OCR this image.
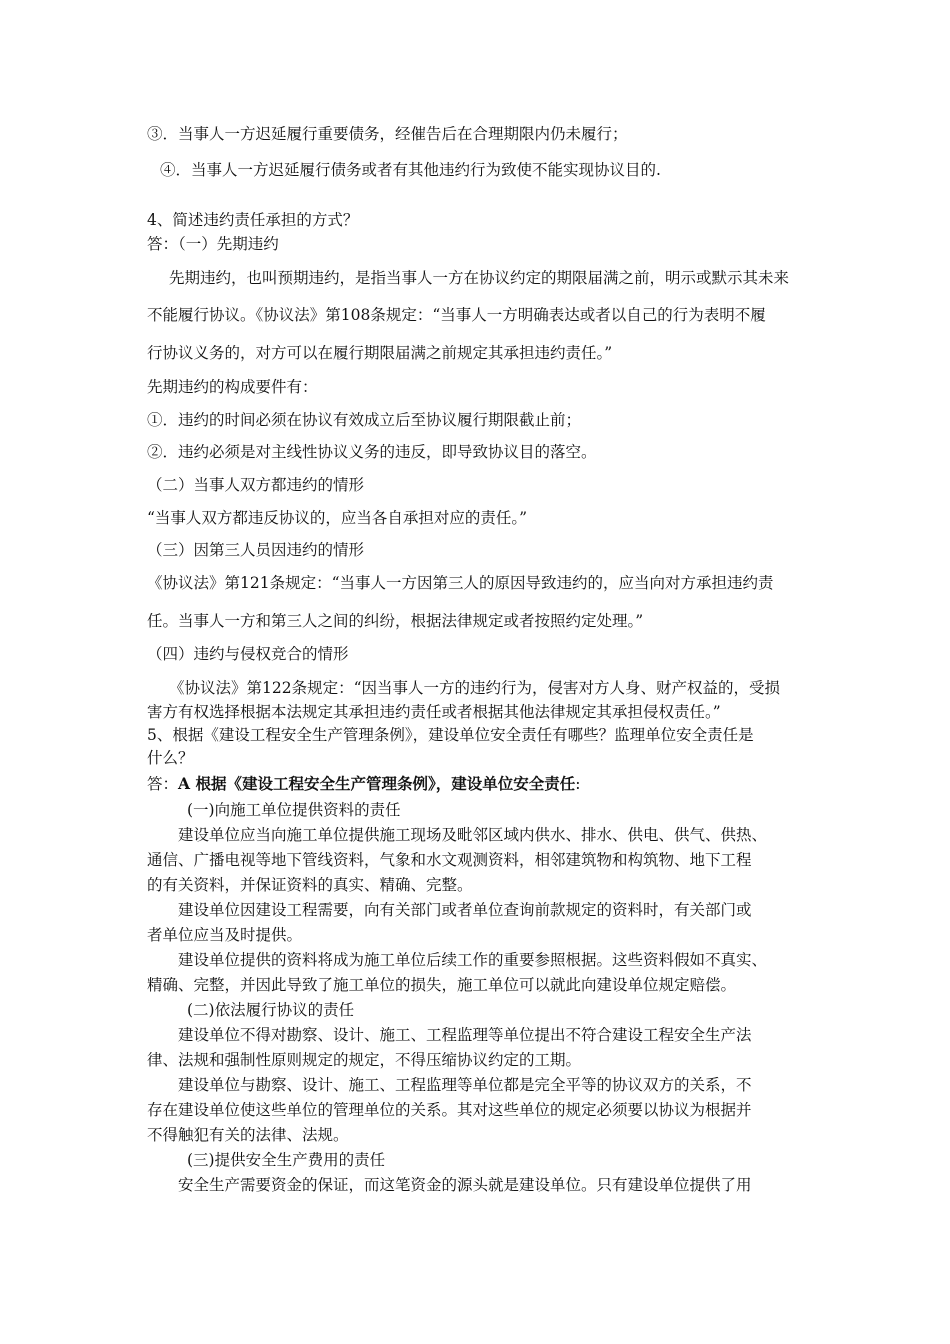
③．当事人一方迟延履行重要债务，经催告后在合理期限内仍未履行；
④．当事人一方迟延履行债务或者有其他违约行为致使不能实现协议目的.
4、简述违约责任承担的方式？
答：（一）先期违约
先期违约，也叫预期违约，是指当事人一方在协议约定的期限届满之前，明示或默示其未来
不能履行协议。《协议法》第108条规定：“当事人一方明确表达或者以自己的行为表明不履
行协议义务的，对方可以在履行期限届满之前规定其承担违约责任。”
先期违约的构成要件有：
①．违约的时间必须在协议有效成立后至协议履行期限截止前；
②．违约必须是对主线性协议义务的违反，即导致协议目的落空。
（二）当事人双方都违约的情形
“当事人双方都违反协议的，应当各自承担对应的责任。”
（三）因第三人员因违约的情形
《协议法》第121条规定：“当事人一方因第三人的原因导致违约的，应当向对方承担违约责
任。当事人一方和第三人之间的纠纷，根据法律规定或者按照约定处理。”
（四）违约与侵权竞合的情形
《协议法》第122条规定：“因当事人一方的违约行为，侵害对方人身、财产权益的，受损
害方有权选择根据本法规定其承担违约责任或者根据其他法律规定其承担侵权责任。”
5、根据《建设工程安全生产管理条例》，建设单位安全责任有哪些？监理单位安全责任是
什么？
答：A 根据《建设工程安全生产管理条例》，建设单位安全责任:
(一)向施工单位提供资料的责任
建设单位应当向施工单位提供施工现场及毗邻区域内供水、排水、供电、供气、供热、
通信、广播电视等地下管线资料，气象和水文观测资料，相邻建筑物和构筑物、地下工程
的有关资料，并保证资料的真实、精确、完整。
建设单位因建设工程需要，向有关部门或者单位查询前款规定的资料时，有关部门或
者单位应当及时提供。
建设单位提供的资料将成为施工单位后续工作的重要参照根据。这些资料假如不真实、
精确、完整，并因此导致了施工单位的损失，施工单位可以就此向建设单位规定赔偿。
(二)依法履行协议的责任
建设单位不得对勘察、设计、施工、工程监理等单位提出不符合建设工程安全生产法
律、法规和强制性原则规定的规定，不得压缩协议约定的工期。
建设单位与勘察、设计、施工、工程监理等单位都是完全平等的协议双方的关系，不
存在建设单位使这些单位的管理单位的关系。其对这些单位的规定必须要以协议为根据并
不得触犯有关的法律、法规。
(三)提供安全生产费用的责任
安全生产需要资金的保证，而这笔资金的源头就是建设单位。只有建设单位提供了用
